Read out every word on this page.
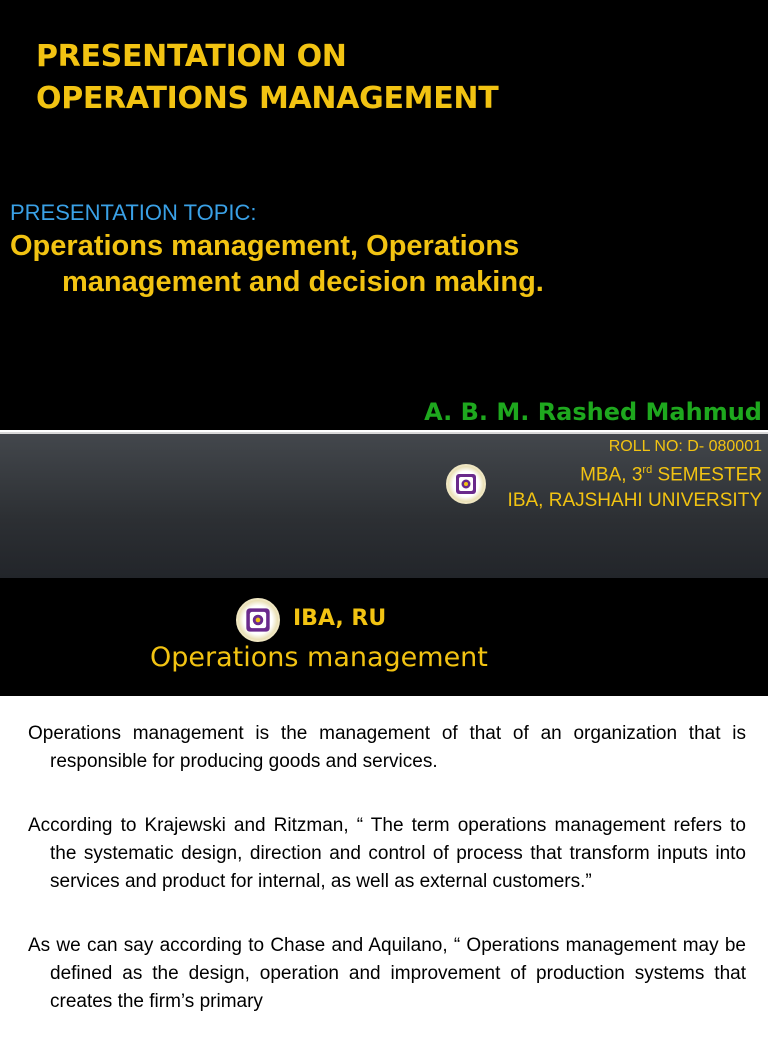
PRESENTATION ON
OPERATIONS MANAGEMENT
PRESENTATION TOPIC:
Operations management, Operations
management and decision making.
A. B. M. Rashed Mahmud
ROLL NO: D- 080001
MBA, 3rd SEMESTER
IBA, RAJSHAHI UNIVERSITY
IBA, RU
Operations management

Operations management is the management of that of an organization that is responsible for producing goods and services.

According to Krajewski and Ritzman, “ The term operations management refers to the systematic design, direction and control of process that transform inputs into services and product for internal, as well as external customers.”

As we can say according to Chase and Aquilano, “ Operations management may be defined as the design, operation and improvement of production systems that creates the firm’s primary
